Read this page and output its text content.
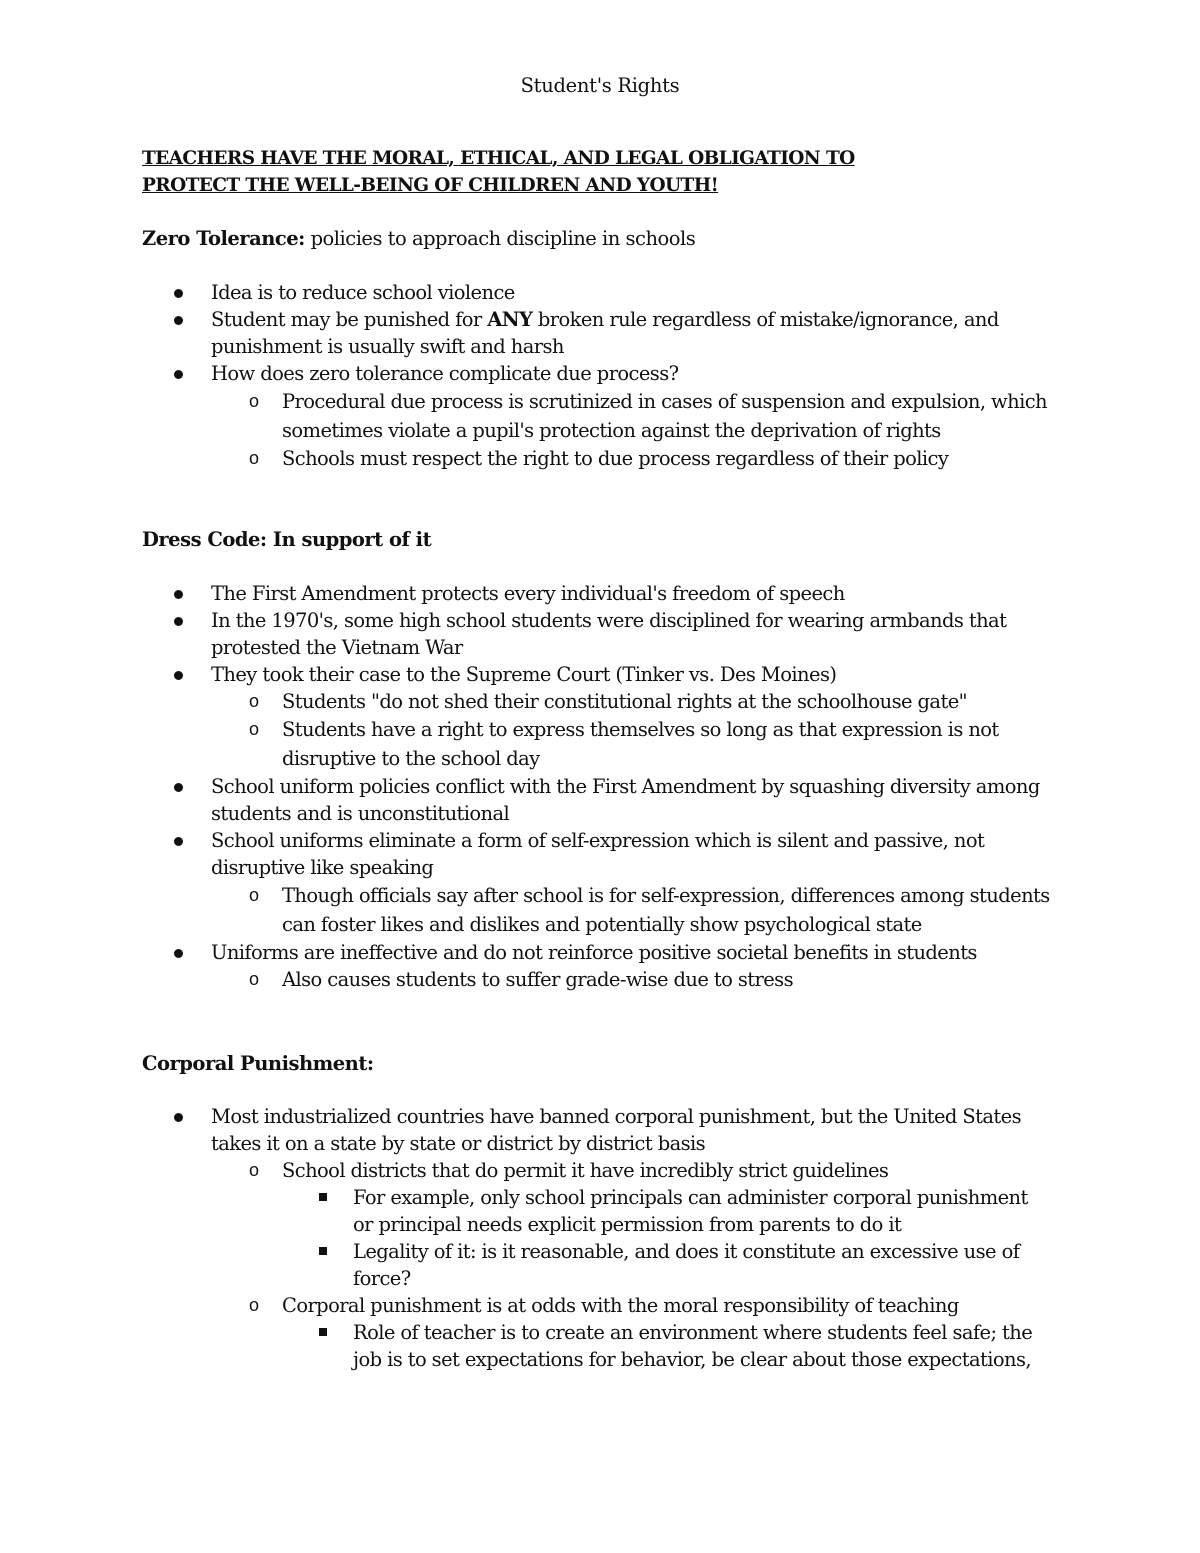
Student's Rights
TEACHERS HAVE THE MORAL, ETHICAL, AND LEGAL OBLIGATION TO
PROTECT THE WELL-BEING OF CHILDREN AND YOUTH!
Zero Tolerance: policies to approach discipline in schools
Idea is to reduce school violence
Student may be punished for ANY broken rule regardless of mistake/ignorance, and punishment is usually swift and harsh
How does zero tolerance complicate due process?
o Procedural due process is scrutinized in cases of suspension and expulsion, which sometimes violate a pupil's protection against the deprivation of rights
o Schools must respect the right to due process regardless of their policy
Dress Code: In support of it
The First Amendment protects every individual's freedom of speech
In the 1970's, some high school students were disciplined for wearing armbands that protested the Vietnam War
They took their case to the Supreme Court (Tinker vs. Des Moines)
o Students "do not shed their constitutional rights at the schoolhouse gate"
o Students have a right to express themselves so long as that expression is not disruptive to the school day
School uniform policies conflict with the First Amendment by squashing diversity among students and is unconstitutional
School uniforms eliminate a form of self-expression which is silent and passive, not disruptive like speaking
o Though officials say after school is for self-expression, differences among students can foster likes and dislikes and potentially show psychological state
Uniforms are ineffective and do not reinforce positive societal benefits in students
o Also causes students to suffer grade-wise due to stress
Corporal Punishment:
Most industrialized countries have banned corporal punishment, but the United States takes it on a state by state or district by district basis
o School districts that do permit it have incredibly strict guidelines
For example, only school principals can administer corporal punishment or principal needs explicit permission from parents to do it
Legality of it: is it reasonable, and does it constitute an excessive use of force?
o Corporal punishment is at odds with the moral responsibility of teaching
Role of teacher is to create an environment where students feel safe; the job is to set expectations for behavior, be clear about those expectations,
